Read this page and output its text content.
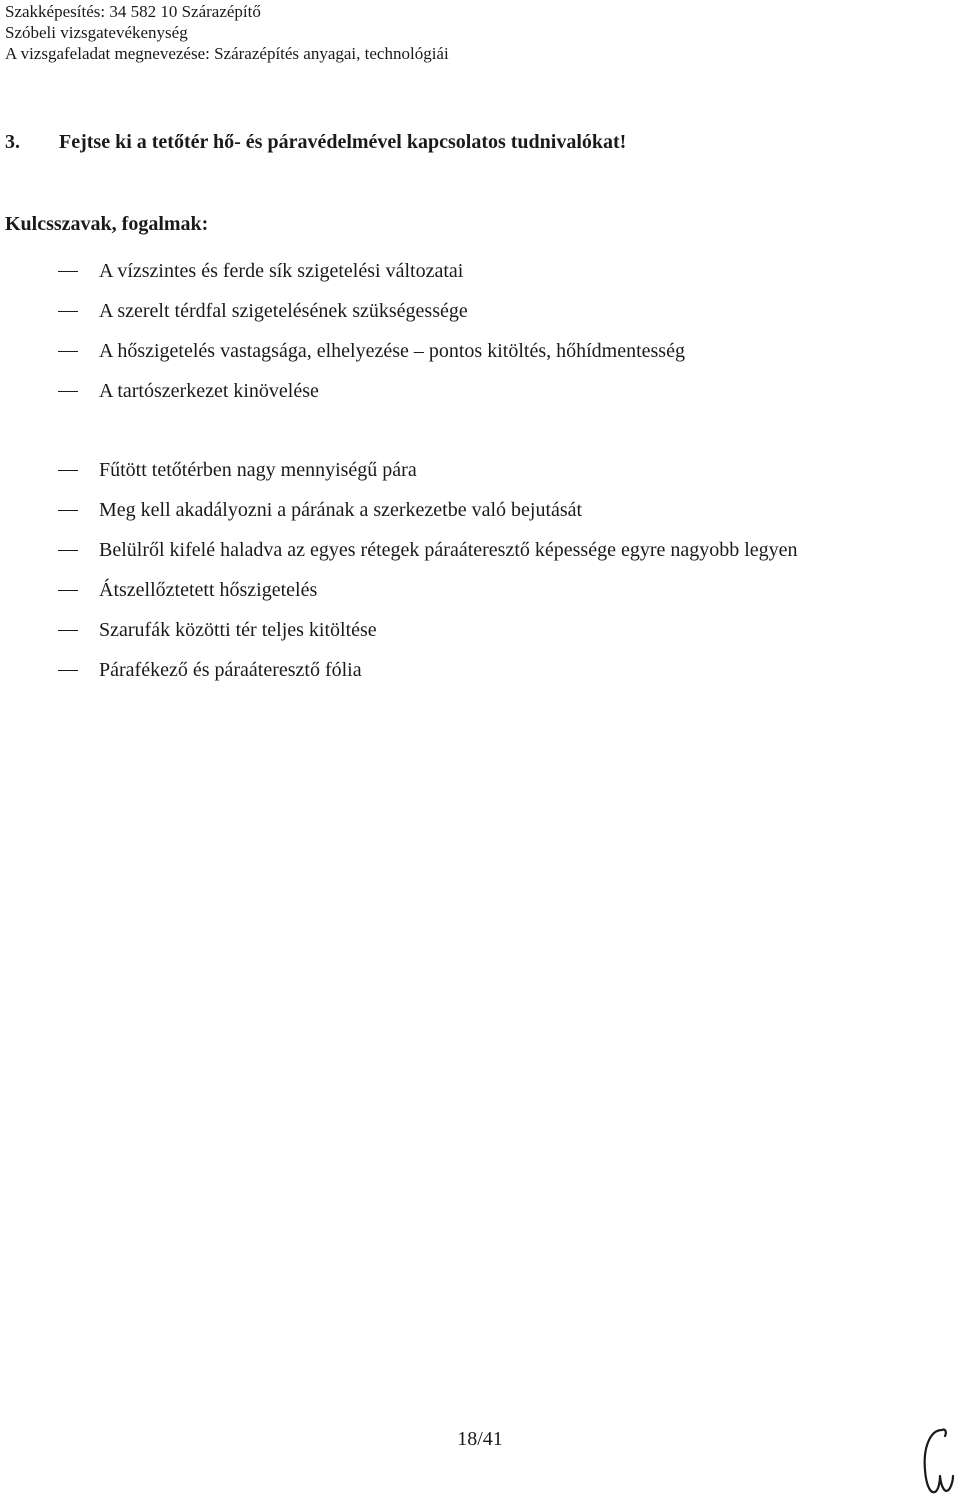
Szakképesítés: 34 582 10 Szárazépítő
Szóbeli vizsgatevékenység
A vizsgafeladat megnevezése: Szárazépítés anyagai, technológiái
3. Fejtse ki a tetőtér hő- és páravédelmével kapcsolatos tudnivalókat!
Kulcsszavak, fogalmak:
A vízszintes és ferde sík szigetelési változatai
A szerelt térdfal szigetelésének szükségessége
A hőszigetelés vastagsága, elhelyezése – pontos kitöltés, hőhídmentesség
A tartószerkezet kinövelése
Fűtött tetőtérben nagy mennyiségű pára
Meg kell akadályozni a párának a szerkezetbe való bejutását
Belülről kifelé haladva az egyes rétegek páraáteresztő képessége egyre nagyobb legyen
Átszellőztetett hőszigetelés
Szarufák közötti tér teljes kitöltése
Párafékező és páraáteresztő fólia
18/41
